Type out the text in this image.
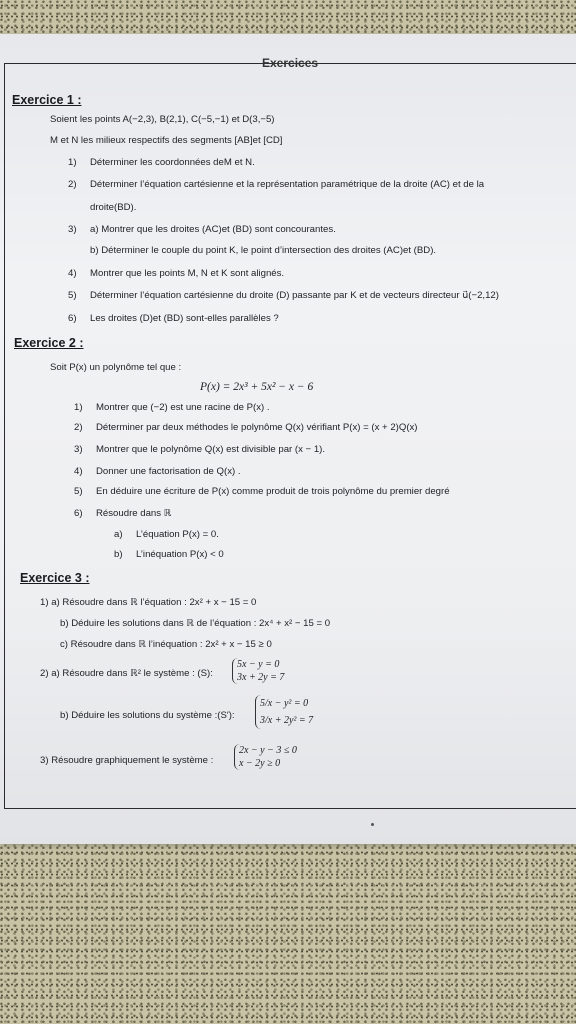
Exercices
Exercice 1 :
Soient les points A(−2,3), B(2,1), C(−5,−1) et D(3,−5)
M et N les milieux respectifs des segments [AB]et [CD]
1) Déterminer les coordonnées deM et N.
2) Déterminer l’équation cartésienne et la représentation paramétrique de la droite (AC) et de la
droite(BD).
3) a) Montrer que les droites (AC)et (BD) sont concourantes.
b) Déterminer le couple du point K, le point d’intersection des droites (AC)et (BD).
4) Montrer que les points M, N et K sont alignés.
5) Déterminer l’équation cartésienne du droite (D) passante par K et de vecteurs directeur u⃗(−2,12)
6) Les droites (D)et (BD) sont-elles parallèles ?
Exercice 2 :
Soit P(x) un polynôme tel que :
P(x) = 2x³ + 5x² − x − 6
1) Montrer que (−2) est une racine de P(x) .
2) Déterminer par deux méthodes le polynôme Q(x) vérifiant P(x) = (x + 2)Q(x)
3) Montrer que le polynôme Q(x) est divisible par (x − 1).
4) Donner une factorisation de Q(x) .
5) En déduire une écriture de P(x) comme produit de trois polynôme du premier degré
6) Résoudre dans ℝ
a) L’équation P(x) = 0.
b) L’inéquation P(x) < 0
Exercice 3 :
1) a) Résoudre dans ℝ l’équation : 2x² + x − 15 = 0
b) Déduire les solutions dans ℝ de l’équation : 2x⁴ + x² − 15 = 0
c) Résoudre dans ℝ l’inéquation : 2x² + x − 15 ≥ 0
2) a) Résoudre dans ℝ² le système : (S):
5x − y = 0
3x + 2y = 7
b) Déduire les solutions du système :(S′):
5/x − y² = 0
3/x + 2y² = 7
3) Résoudre graphiquement le système :
2x − y − 3 ≤ 0
x − 2y ≥ 0
